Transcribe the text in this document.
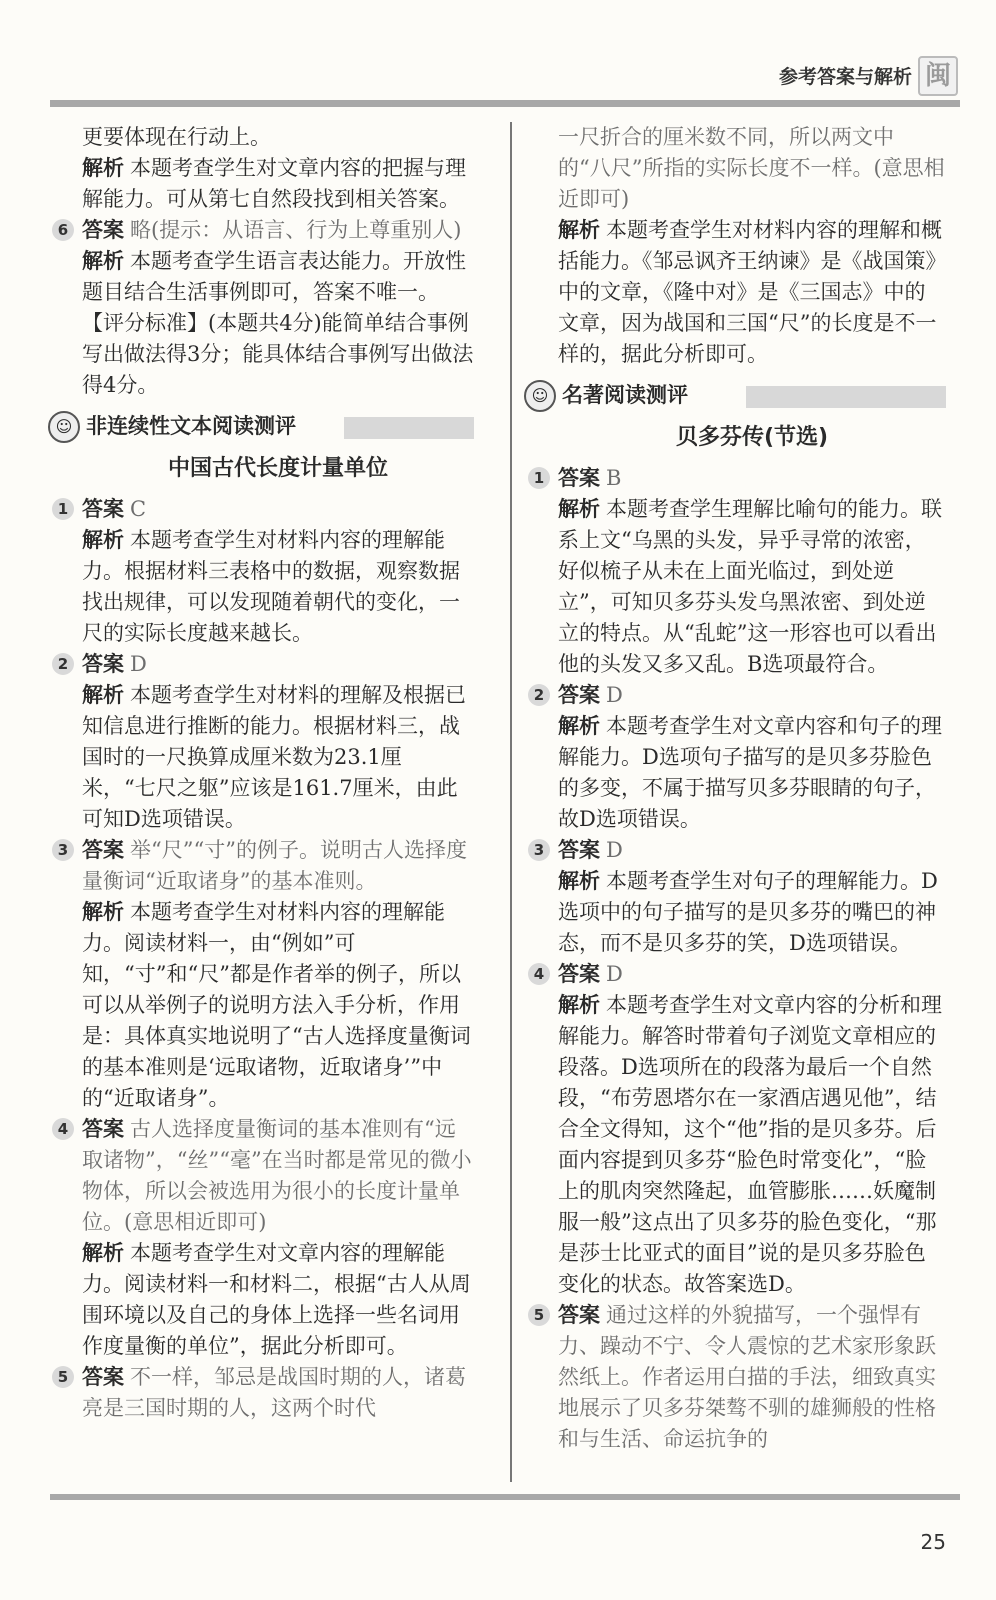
参考答案与解析 闽

更要体现在行动上。

解析 本题考查学生对文章内容的把握与理解能力。可从第七自然段找到相关答案。

6 答案 略(提示：从语言、行为上尊重别人)

解析 本题考查学生语言表达能力。开放性题目结合生活事例即可，答案不唯一。

【评分标准】(本题共4分)能简单结合事例写出做法得3分；能具体结合事例写出做法得4分。

☺ 非连续性文本阅读测评
中国古代长度计量单位
1 答案 C

解析 本题考查学生对材料内容的理解能力。根据材料三表格中的数据，观察数据找出规律，可以发现随着朝代的变化，一尺的实际长度越来越长。

2 答案 D

解析 本题考查学生对材料的理解及根据已知信息进行推断的能力。根据材料三，战国时的一尺换算成厘米数为23.1厘米，“七尺之躯”应该是161.7厘米，由此可知D选项错误。

3 答案 举“尺”“寸”的例子。说明古人选择度量衡词“近取诸身”的基本准则。

解析 本题考查学生对材料内容的理解能力。阅读材料一，由“例如”可知，“寸”和“尺”都是作者举的例子，所以可以从举例子的说明方法入手分析，作用是：具体真实地说明了“古人选择度量衡词的基本准则是‘远取诸物，近取诸身’”中的“近取诸身”。

4 答案 古人选择度量衡词的基本准则有“远取诸物”，“丝”“毫”在当时都是常见的微小物体，所以会被选用为很小的长度计量单位。(意思相近即可)

解析 本题考查学生对文章内容的理解能力。阅读材料一和材料二，根据“古人从周围环境以及自己的身体上选择一些名词用作度量衡的单位”，据此分析即可。

5 答案 不一样，邹忌是战国时期的人，诸葛亮是三国时期的人，这两个时代

一尺折合的厘米数不同，所以两文中的“八尺”所指的实际长度不一样。(意思相近即可)

解析 本题考查学生对材料内容的理解和概括能力。《邹忌讽齐王纳谏》是《战国策》中的文章，《隆中对》是《三国志》中的文章，因为战国和三国“尺”的长度是不一样的，据此分析即可。

☺ 名著阅读测评
贝多芬传(节选)
1 答案 B

解析 本题考查学生理解比喻句的能力。联系上文“乌黑的头发，异乎寻常的浓密，好似梳子从未在上面光临过，到处逆立”，可知贝多芬头发乌黑浓密、到处逆立的特点。从“乱蛇”这一形容也可以看出他的头发又多又乱。B选项最符合。

2 答案 D

解析 本题考查学生对文章内容和句子的理解能力。D选项句子描写的是贝多芬脸色的多变，不属于描写贝多芬眼睛的句子，故D选项错误。

3 答案 D

解析 本题考查学生对句子的理解能力。D选项中的句子描写的是贝多芬的嘴巴的神态，而不是贝多芬的笑，D选项错误。

4 答案 D

解析 本题考查学生对文章内容的分析和理解能力。解答时带着句子浏览文章相应的段落。D选项所在的段落为最后一个自然段，“布劳恩塔尔在一家酒店遇见他”，结合全文得知，这个“他”指的是贝多芬。后面内容提到贝多芬“脸色时常变化”，“脸上的肌肉突然隆起，血管膨胀……妖魔制服一般”这点出了贝多芬的脸色变化，“那是莎士比亚式的面目”说的是贝多芬脸色变化的状态。故答案选D。

5 答案 通过这样的外貌描写，一个强悍有力、躁动不宁、令人震惊的艺术家形象跃然纸上。作者运用白描的手法，细致真实地展示了贝多芬桀骜不驯的雄狮般的性格和与生活、命运抗争的

25
